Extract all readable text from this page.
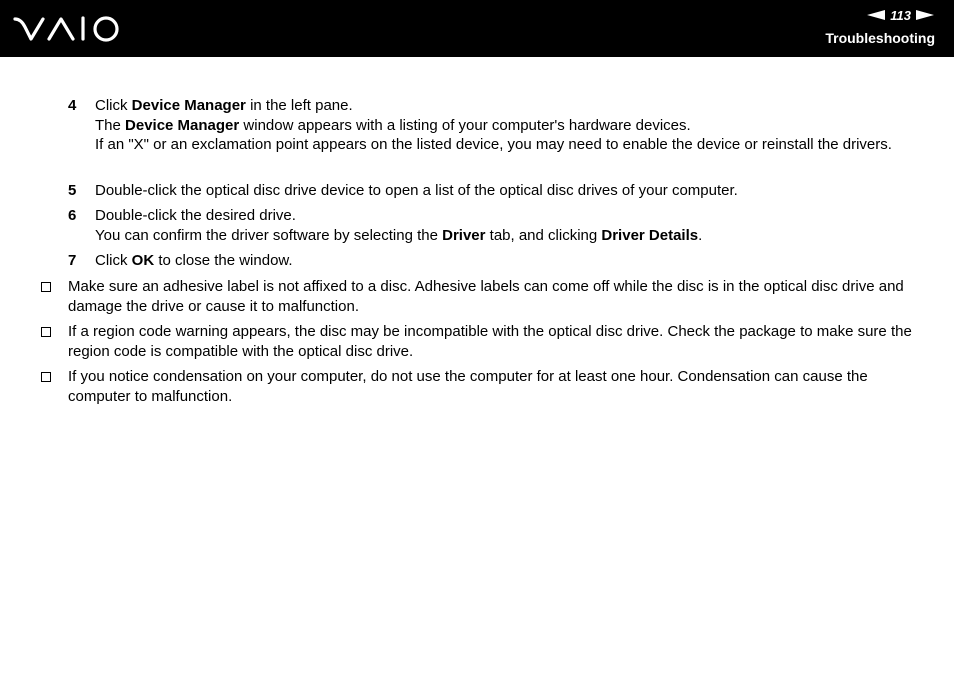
113
Troubleshooting
4 Click Device Manager in the left pane.
The Device Manager window appears with a listing of your computer's hardware devices.
If an "X" or an exclamation point appears on the listed device, you may need to enable the device or reinstall the drivers.
5 Double-click the optical disc drive device to open a list of the optical disc drives of your computer.
6 Double-click the desired drive.
You can confirm the driver software by selecting the Driver tab, and clicking Driver Details.
7 Click OK to close the window.
Make sure an adhesive label is not affixed to a disc. Adhesive labels can come off while the disc is in the optical disc drive and damage the drive or cause it to malfunction.
If a region code warning appears, the disc may be incompatible with the optical disc drive. Check the package to make sure the region code is compatible with the optical disc drive.
If you notice condensation on your computer, do not use the computer for at least one hour. Condensation can cause the computer to malfunction.
